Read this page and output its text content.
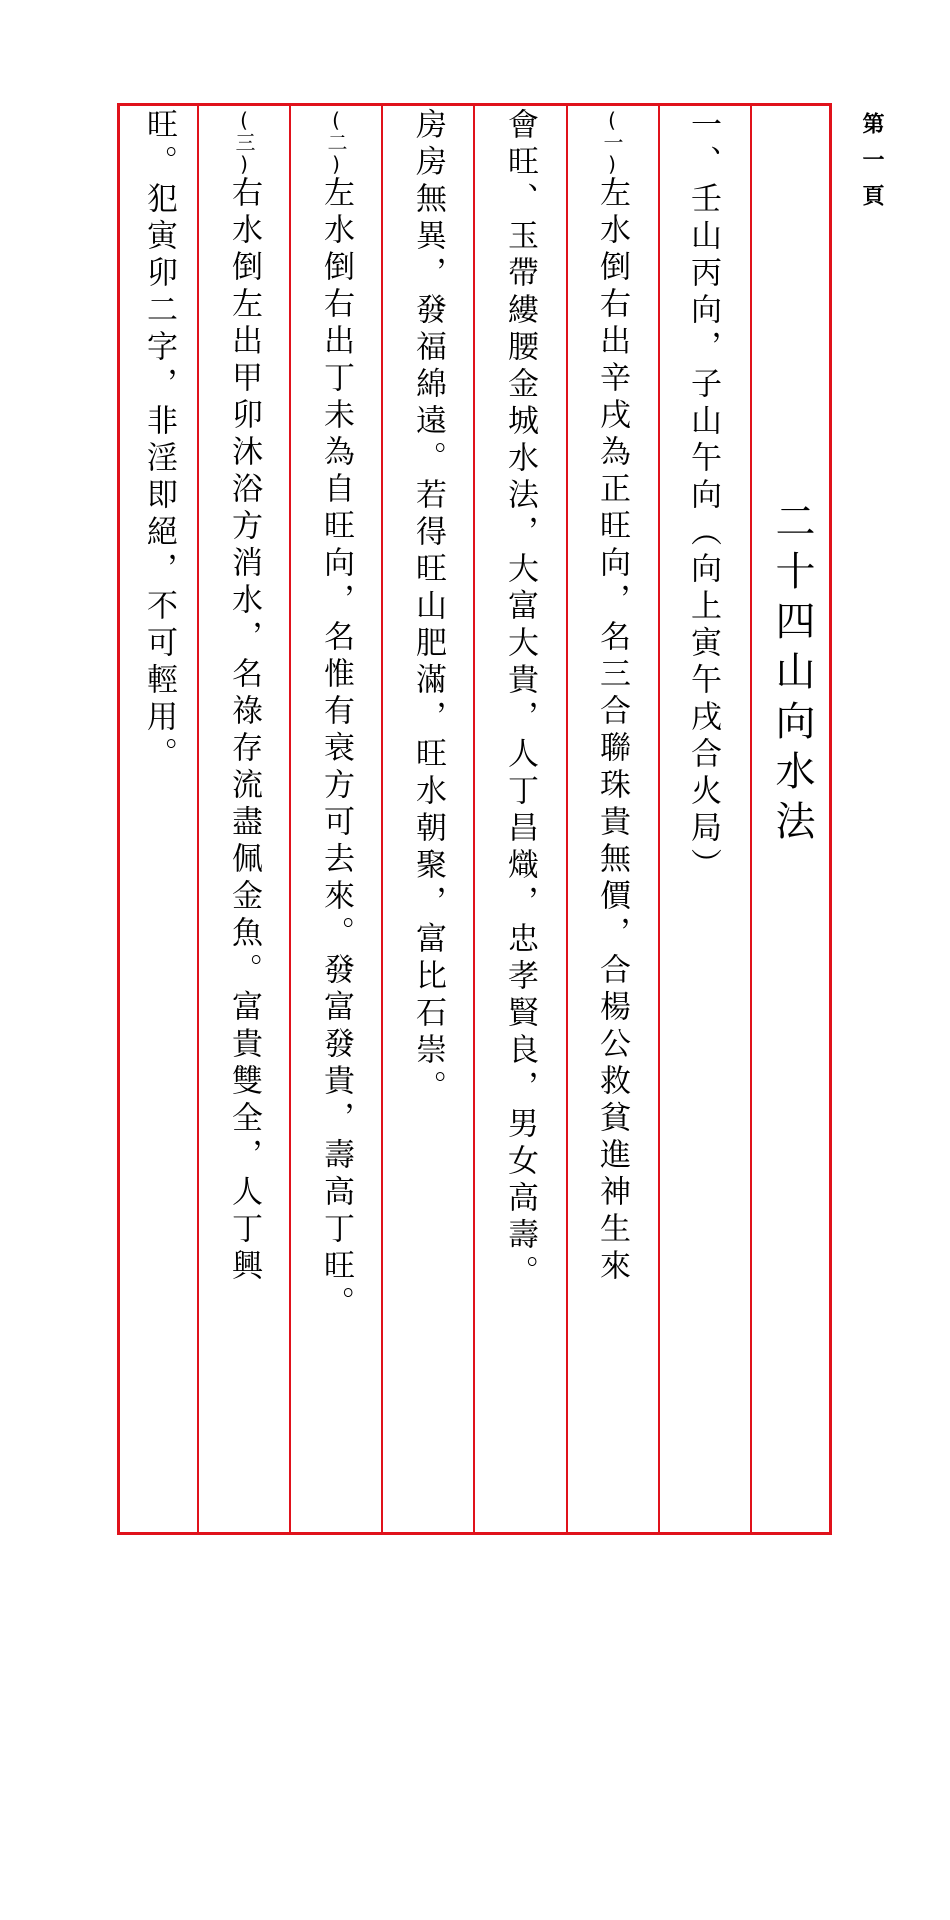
第一頁
二十四山向水法
一、壬山丙向，子山午向（向上寅午戌合火局）
(一)左水倒右出辛戌為正旺向，名三合聯珠貴無價，合楊公救貧進神生來
會旺、玉帶縷腰金城水法，大富大貴，人丁昌熾，忠孝賢良，男女高壽。
房房無異，發福綿遠。若得旺山肥滿，旺水朝聚，富比石崇。
(二)左水倒右出丁未為自旺向，名惟有衰方可去來。發富發貴，壽高丁旺。
(三)右水倒左出甲卯沐浴方消水，名祿存流盡佩金魚。富貴雙全，人丁興
旺。犯寅卯二字，非淫即絕，不可輕用。
